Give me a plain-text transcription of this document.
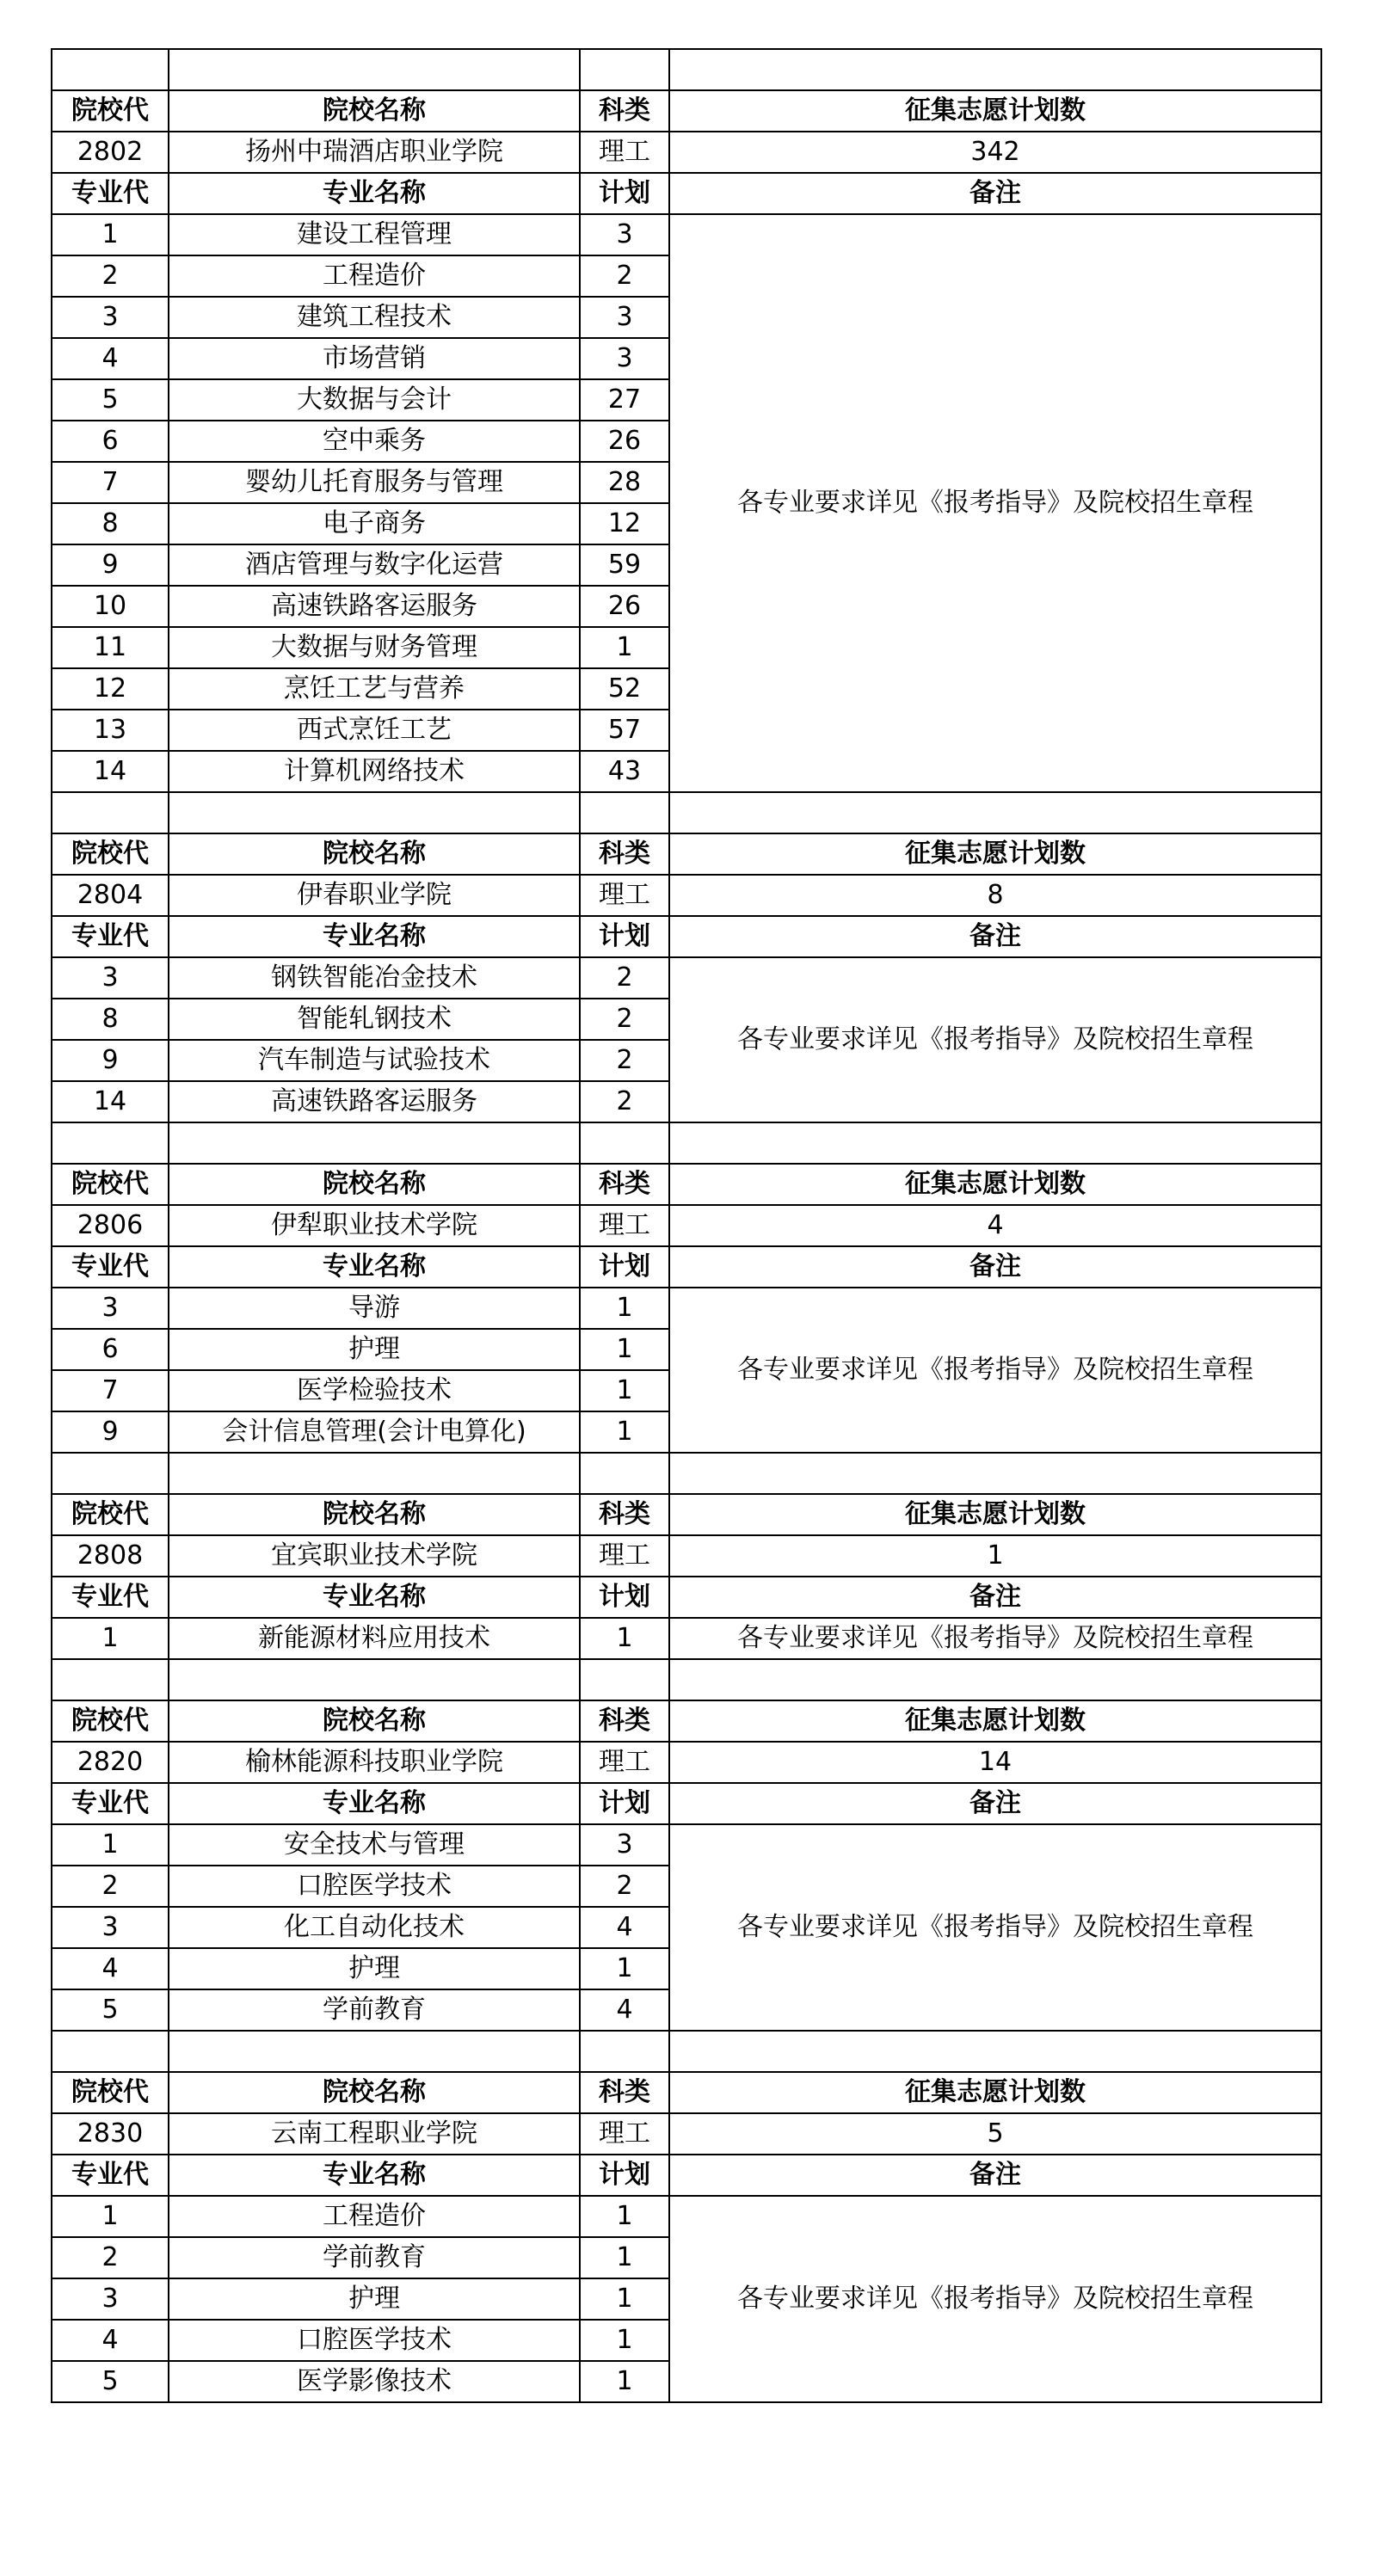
院校代	院校名称	科类	征集志愿计划数
2802	扬州中瑞酒店职业学院	理工	342
专业代	专业名称	计划	备注
1	建设工程管理	3	各专业要求详见《报考指导》及院校招生章程
2	工程造价	2	
3	建筑工程技术	3	
4	市场营销	3	
5	大数据与会计	27	
6	空中乘务	26	
7	婴幼儿托育服务与管理	28	
8	电子商务	12	
9	酒店管理与数字化运营	59	
10	高速铁路客运服务	26	
11	大数据与财务管理	1	
12	烹饪工艺与营养	52	
13	西式烹饪工艺	57	
14	计算机网络技术	43	

院校代	院校名称	科类	征集志愿计划数
2804	伊春职业学院	理工	8
专业代	专业名称	计划	备注
3	钢铁智能冶金技术	2	各专业要求详见《报考指导》及院校招生章程
8	智能轧钢技术	2	
9	汽车制造与试验技术	2	
14	高速铁路客运服务	2	

院校代	院校名称	科类	征集志愿计划数
2806	伊犁职业技术学院	理工	4
专业代	专业名称	计划	备注
3	导游	1	各专业要求详见《报考指导》及院校招生章程
6	护理	1	
7	医学检验技术	1	
9	会计信息管理(会计电算化)	1	

院校代	院校名称	科类	征集志愿计划数
2808	宜宾职业技术学院	理工	1
专业代	专业名称	计划	备注
1	新能源材料应用技术	1	各专业要求详见《报考指导》及院校招生章程

院校代	院校名称	科类	征集志愿计划数
2820	榆林能源科技职业学院	理工	14
专业代	专业名称	计划	备注
1	安全技术与管理	3	各专业要求详见《报考指导》及院校招生章程
2	口腔医学技术	2	
3	化工自动化技术	4	
4	护理	1	
5	学前教育	4	

院校代	院校名称	科类	征集志愿计划数
2830	云南工程职业学院	理工	5
专业代	专业名称	计划	备注
1	工程造价	1	各专业要求详见《报考指导》及院校招生章程
2	学前教育	1	
3	护理	1	
4	口腔医学技术	1	
5	医学影像技术	1	
